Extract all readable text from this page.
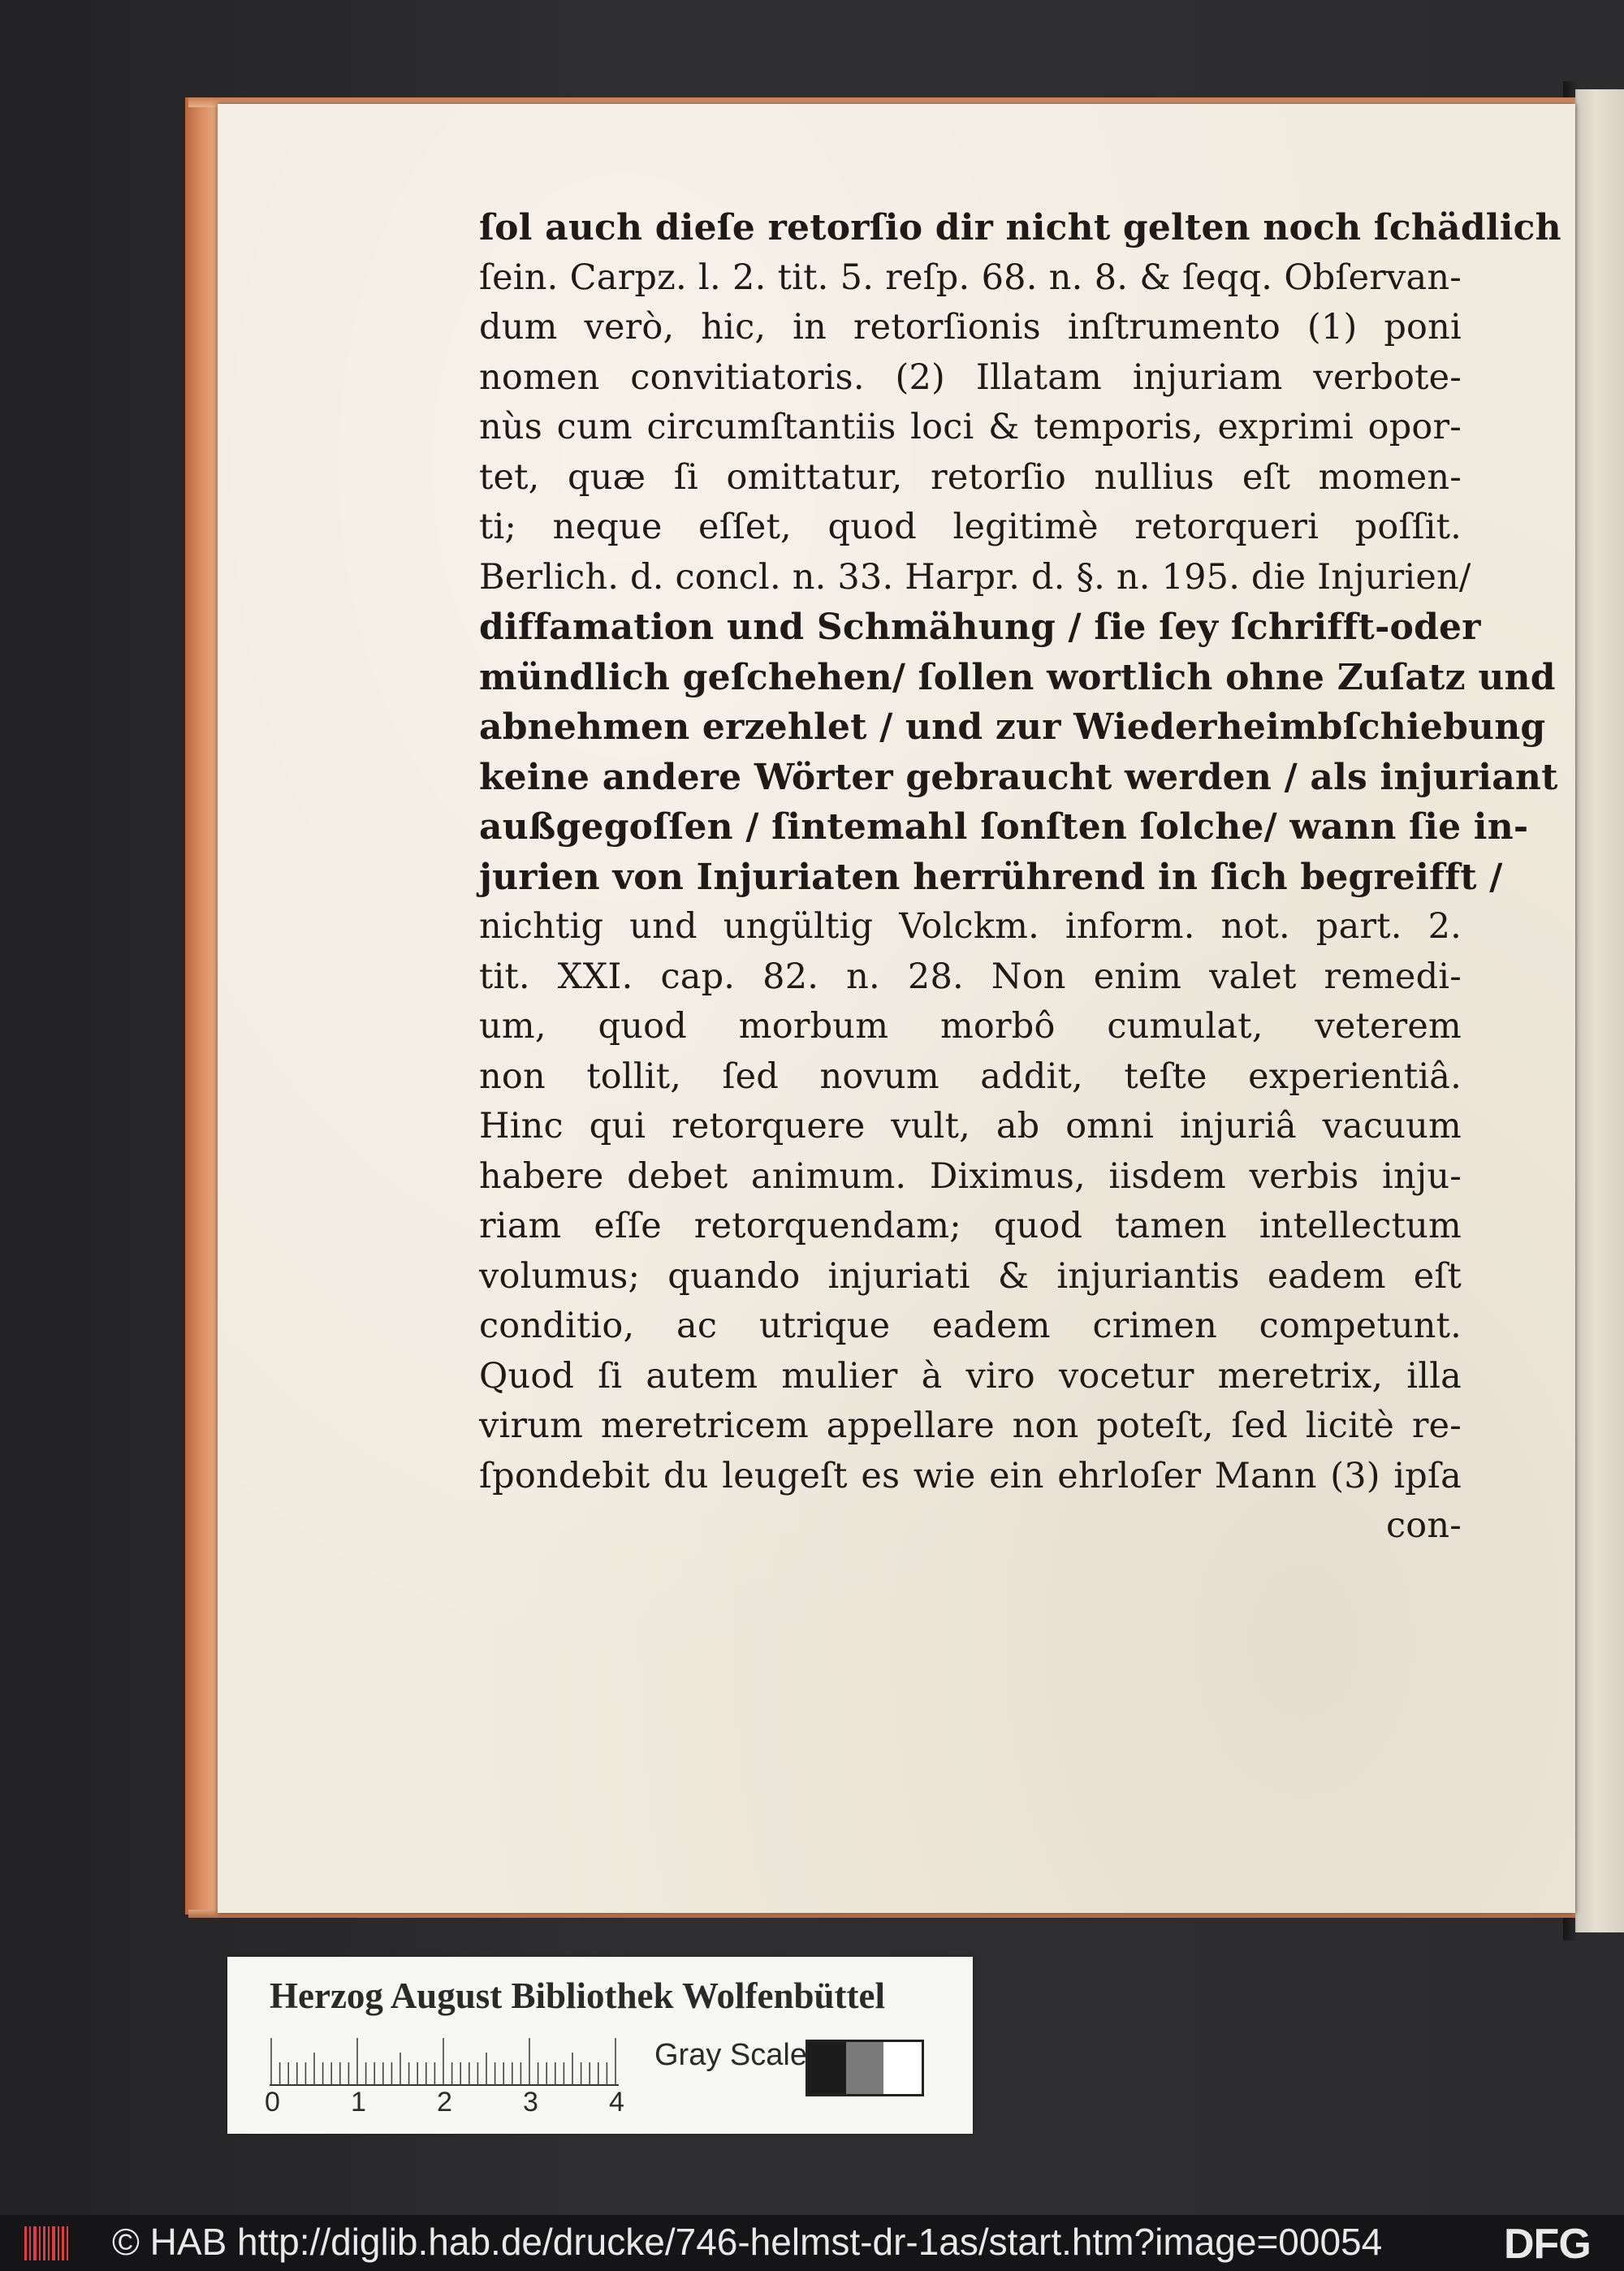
ſol auch dieſe retorſio dir nicht gelten noch ſchädlich
ſein. Carpz. l. 2. tit. 5. reſp. 68. n. 8. & ſeqq. Obſervan-
dum verò, hic, in retorſionis inſtrumento (1) poni
nomen convitiatoris. (2) Illatam injuriam verbote-
nùs cum circumſtantiis loci & temporis, exprimi opor-
tet, quæ ſi omittatur, retorſio nullius eſt momen-
ti; neque eſſet, quod legitimè retorqueri poſſit.
Berlich. d. concl. n. 33. Harpr. d. §. n. 195. die Injurien/
diffamation und Schmähung / ſie ſey ſchrifft-oder
mündlich geſchehen/ ſollen wortlich ohne Zuſatz und
abnehmen erzehlet / und zur Wiederheimbſchiebung
keine andere Wörter gebraucht werden / als injuriant
außgegoſſen / ſintemahl ſonſten ſolche/ wann ſie in-
jurien von Injuriaten herrührend in ſich begreifft /
nichtig und ungültig Volckm. inform. not. part. 2.
tit. XXI. cap. 82. n. 28. Non enim valet remedi-
um, quod morbum morbô cumulat, veterem
non tollit, ſed novum addit, teſte experientiâ.
Hinc qui retorquere vult, ab omni injuriâ vacuum
habere debet animum. Diximus, iisdem verbis inju-
riam eſſe retorquendam; quod tamen intellectum
volumus; quando injuriati & injuriantis eadem eſt
conditio, ac utrique eadem crimen competunt.
Quod ſi autem mulier à viro vocetur meretrix, illa
virum meretricem appellare non poteſt, ſed licitè re-
ſpondebit du leugeſt es wie ein ehrloſer Mann (3) ipſa
con-
Herzog August Bibliothek Wolfenbüttel
0	1	2	3	4
Gray Scale
© HAB http://diglib.hab.de/drucke/746-helmst-dr-1as/start.htm?image=00054	DFG
